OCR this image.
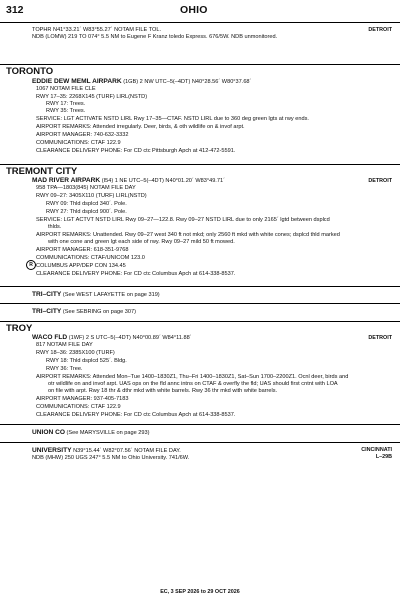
312	OHIO
TOPHR N41°33.21´ W83°55.27´ NOTAM FILE TOL.
NDB (LOMW) 219 TO 074° 5.5 NM to Eugene F Kranz toledo Express. 676/5W. NDB unmonitored.
DETROIT
TORONTO
EDDIE DEW MEML AIRPARK (1GB) 2 NW UTC–5(–4DT) N40°28.56´ W80°37.68´
1067 NOTAM FILE CLE
RWY 17–35: 2268X145 (TURF) LIRL(NSTD)
RWY 17: Trees.
RWY 35: Trees.
SERVICE: LGT ACTIVATE NSTD LIRL Rwy 17–35—CTAF. NSTD LIRL due to 360 deg green lgts at rwy ends.
AIRPORT REMARKS: Attended irregularly. Deer, birds, & oth wildlife on & invof arpt.
AIRPORT MANAGER: 740-632-3332
COMMUNICATIONS: CTAF 122.9
CLEARANCE DELIVERY PHONE: For CD ctc Pittsburgh Apch at 412-472-5591.
TREMONT CITY
MAD RIVER AIRPARK (I54) 1 NE UTC–5(–4DT) N40°01.20´ W83°49.71´	DETROIT
958 TPA—1803(845) NOTAM FILE DAY
RWY 09–27: 3405X110 (TURF) LIRL(NSTD)
RWY 09: Thld dsplcd 340´. Pole.
RWY 27: Thld dsplcd 900´. Pole.
SERVICE: LGT ACTVT NSTD LIRL Rwy 09–27—122.8. Rwy 09–27 NSTD LIRL due to only 2165´ lgtd between dsplcd
thlds.
AIRPORT REMARKS: Unattended. Rwy 09–27 west 340 ft not mkd; only 2560 ft mkd with white cones; dsplcd thld marked
with one cone and green lgt each side of rwy. Rwy 09–27 mild 50 ft mowed.
AIRPORT MANAGER: 618-351-9768
COMMUNICATIONS: CTAF/UNICOM 123.0
R COLUMBUS APP/DEP CON 134.45
CLEARANCE DELIVERY PHONE: For CD ctc Columbus Apch at 614-338-8537.
TRI–CITY (See WEST LAFAYETTE on page 319)
TRI–CITY (See SEBRING on page 307)
TROY
WACO FLD (1WF) 2 S UTC–5(–4DT) N40°00.89´ W84°11.88´	DETROIT
817 NOTAM FILE DAY
RWY 18–36: 2385X100 (TURF)
RWY 18: Thld dsplcd 525´. Bldg.
RWY 36: Tree.
AIRPORT REMARKS: Attended Mon–Tue 1400–1830Z1, Thu–Fri 1400–1830Z1, Sat–Sun 1700–2200Z1. Ocnl deer, birds and
otr wildlife on and invof arpt. UAS ops on the fld annc intns on CTAF & overfly the fld; UAS should first cntnt with LOA
on file with arpt. Rwy 18 thr & dthr mkd with white barrels. Rwy 36 thr mkd with white barrels.
AIRPORT MANAGER: 937-405-7183
COMMUNICATIONS: CTAF 122.9
CLEARANCE DELIVERY PHONE: For CD ctc Columbus Apch at 614-338-8537.
UNION CO (See MARYSVILLE on page 293)
UNIVERSITY N39°15.44´ W82°07.56´ NOTAM FILE DAY.
NDB (MHW) 250 UGS 247° 5.5 NM to Ohio University. 741/6W.
CINCINNATI
L–29B
EC, 3 SEP 2026 to 29 OCT 2026
